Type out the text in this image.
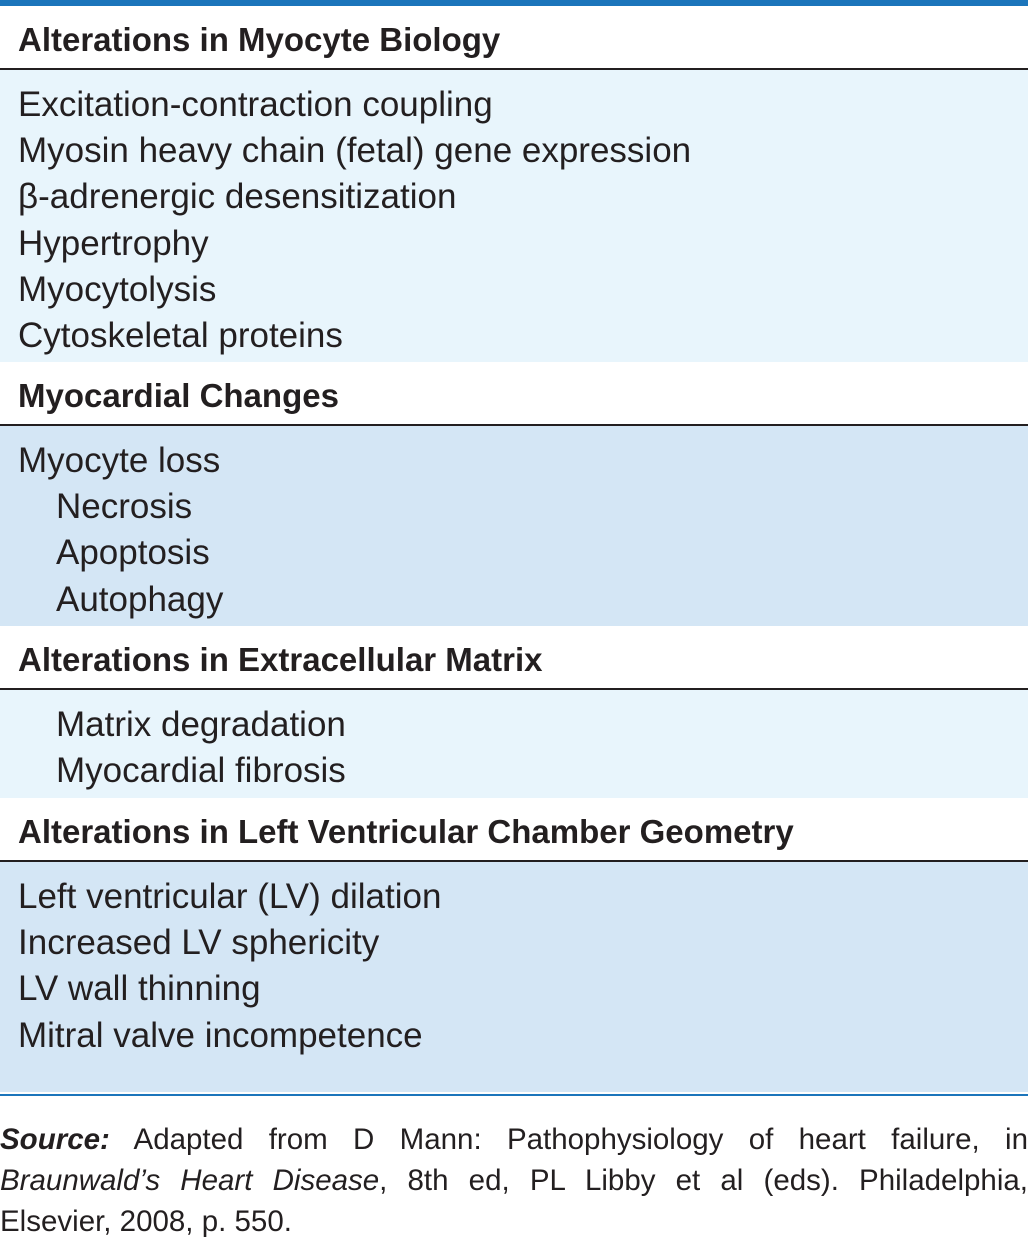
Alterations in Myocyte Biology
Excitation-contraction coupling
Myosin heavy chain (fetal) gene expression
β-adrenergic desensitization
Hypertrophy
Myocytolysis
Cytoskeletal proteins
Myocardial Changes
Myocyte loss
Necrosis
Apoptosis
Autophagy
Alterations in Extracellular Matrix
Matrix degradation
Myocardial fibrosis
Alterations in Left Ventricular Chamber Geometry
Left ventricular (LV) dilation
Increased LV sphericity
LV wall thinning
Mitral valve incompetence
Source: Adapted from D Mann: Pathophysiology of heart failure, in
Braunwald’s Heart Disease, 8th ed, PL Libby et al (eds). Philadelphia,
Elsevier, 2008, p. 550.
